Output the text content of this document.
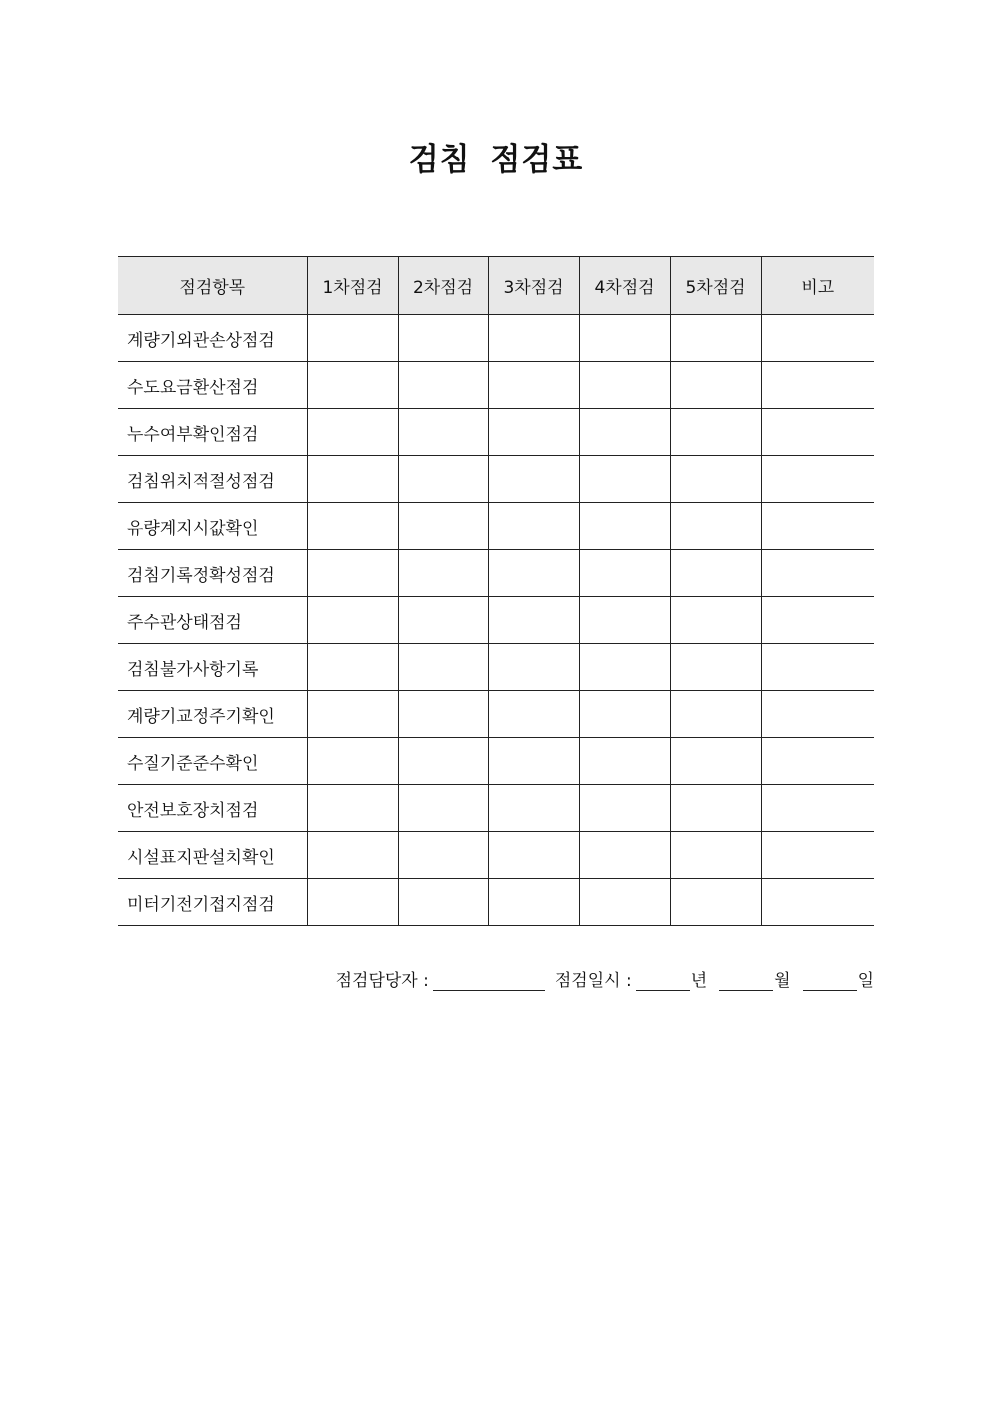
검침 점검표
점검항목	1차점검	2차점검	3차점검	4차점검	5차점검	비고
계량기외관손상점검						
수도요금환산점검						
누수여부확인점검						
검침위치적절성점검						
유량계지시값확인						
검침기록정확성점검						
주수관상태점검						
검침불가사항기록						
계량기교정주기확인						
수질기준준수확인						
안전보호장치점검						
시설표지판설치확인						
미터기전기접지점검						
점검담당자 :	점검일시 :	년	월	일
